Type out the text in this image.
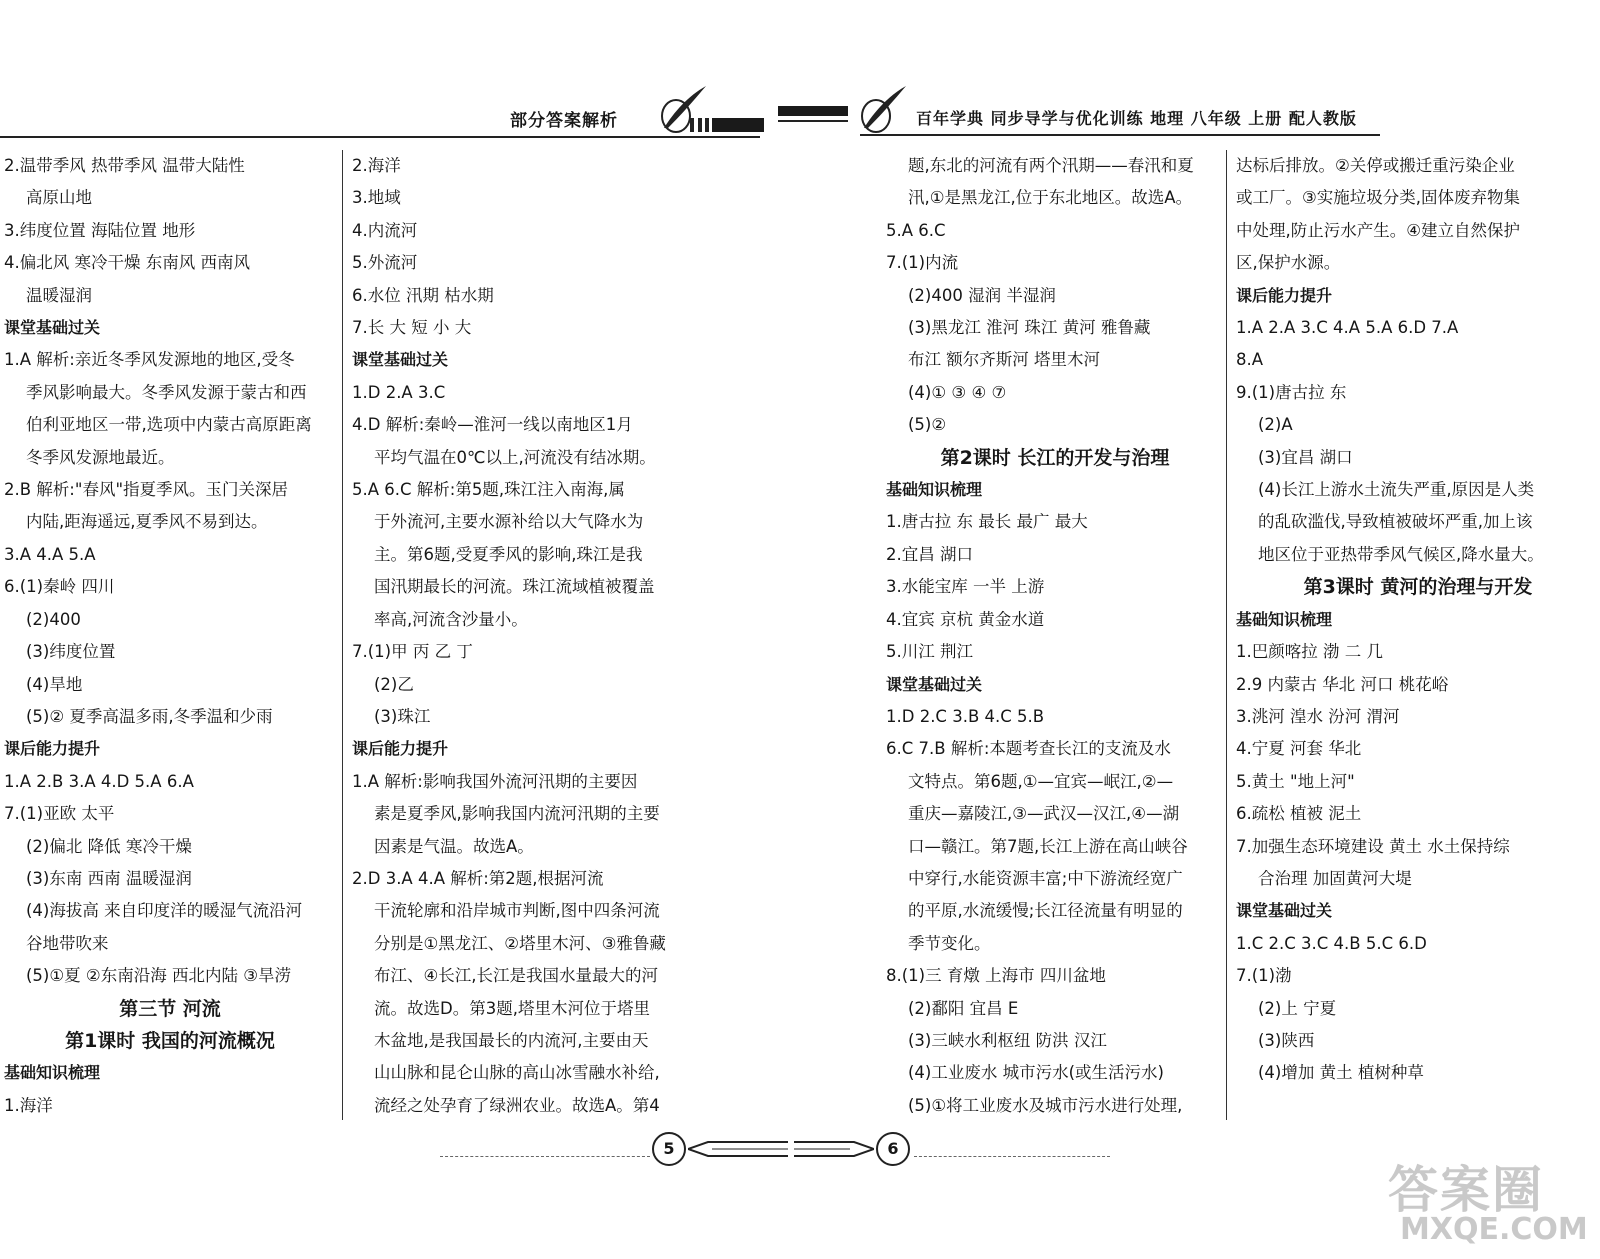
部分答案解析	百年学典 同步导学与优化训练 地理 八年级 上册 配人教版
2.温带季风 热带季风 温带大陆性
高原山地
3.纬度位置 海陆位置 地形
4.偏北风 寒冷干燥 东南风 西南风
温暖湿润
课堂基础过关
1.A 解析:亲近冬季风发源地的地区,受冬
季风影响最大。冬季风发源于蒙古和西
伯利亚地区一带,选项中内蒙古高原距离
冬季风发源地最近。
2.B 解析:"春风"指夏季风。玉门关深居
内陆,距海遥远,夏季风不易到达。
3.A 4.A 5.A
6.(1)秦岭 四川
(2)400
(3)纬度位置
(4)旱地
(5)② 夏季高温多雨,冬季温和少雨
课后能力提升
1.A 2.B 3.A 4.D 5.A 6.A
7.(1)亚欧 太平
(2)偏北 降低 寒冷干燥
(3)东南 西南 温暖湿润
(4)海拔高 来自印度洋的暖湿气流沿河
谷地带吹来
(5)①夏 ②东南沿海 西北内陆 ③旱涝
第三节 河流
第1课时 我国的河流概况
基础知识梳理
1.海洋
2.海洋
3.地域
4.内流河
5.外流河
6.水位 汛期 枯水期
7.长 大 短 小 大
课堂基础过关
1.D 2.A 3.C
4.D 解析:秦岭—淮河一线以南地区1月
平均气温在0℃以上,河流没有结冰期。
5.A 6.C 解析:第5题,珠江注入南海,属
于外流河,主要水源补给以大气降水为
主。第6题,受夏季风的影响,珠江是我
国汛期最长的河流。珠江流域植被覆盖
率高,河流含沙量小。
7.(1)甲 丙 乙 丁
(2)乙
(3)珠江
课后能力提升
1.A 解析:影响我国外流河汛期的主要因
素是夏季风,影响我国内流河汛期的主要
因素是气温。故选A。
2.D 3.A 4.A 解析:第2题,根据河流
干流轮廓和沿岸城市判断,图中四条河流
分别是①黑龙江、②塔里木河、③雅鲁藏
布江、④长江,长江是我国水量最大的河
流。故选D。第3题,塔里木河位于塔里
木盆地,是我国最长的内流河,主要由天
山山脉和昆仑山脉的高山冰雪融水补给,
流经之处孕育了绿洲农业。故选A。第4
题,东北的河流有两个汛期——春汛和夏
汛,①是黑龙江,位于东北地区。故选A。
5.A 6.C
7.(1)内流
(2)400 湿润 半湿润
(3)黑龙江 淮河 珠江 黄河 雅鲁藏
布江 额尔齐斯河 塔里木河
(4)① ③ ④ ⑦
(5)②
第2课时 长江的开发与治理
基础知识梳理
1.唐古拉 东 最长 最广 最大
2.宜昌 湖口
3.水能宝库 一半 上游
4.宜宾 京杭 黄金水道
5.川江 荆江
课堂基础过关
1.D 2.C 3.B 4.C 5.B
6.C 7.B 解析:本题考查长江的支流及水
文特点。第6题,①—宜宾—岷江,②—
重庆—嘉陵江,③—武汉—汉江,④—湖
口—赣江。第7题,长江上游在高山峡谷
中穿行,水能资源丰富;中下游流经宽广
的平原,水流缓慢;长江径流量有明显的
季节变化。
8.(1)三 育燉 上海市 四川盆地
(2)鄱阳 宜昌 E
(3)三峡水利枢纽 防洪 汉江
(4)工业废水 城市污水(或生活污水)
(5)①将工业废水及城市污水进行处理,
达标后排放。②关停或搬迁重污染企业
或工厂。③实施垃圾分类,固体废弃物集
中处理,防止污水产生。④建立自然保护
区,保护水源。
课后能力提升
1.A 2.A 3.C 4.A 5.A 6.D 7.A
8.A
9.(1)唐古拉 东
(2)A
(3)宜昌 湖口
(4)长江上游水土流失严重,原因是人类
的乱砍滥伐,导致植被破坏严重,加上该
地区位于亚热带季风气候区,降水量大。
第3课时 黄河的治理与开发
基础知识梳理
1.巴颜喀拉 渤 二 几
2.9 内蒙古 华北 河口 桃花峪
3.洮河 湟水 汾河 渭河
4.宁夏 河套 华北
5.黄土 "地上河"
6.疏松 植被 泥土
7.加强生态环境建设 黄土 水土保持综
合治理 加固黄河大堤
课堂基础过关
1.C 2.C 3.C 4.B 5.C 6.D
7.(1)渤
(2)上 宁夏
(3)陕西
(4)增加 黄土 植树种草
5	6
答案圈
MXQE.COM
